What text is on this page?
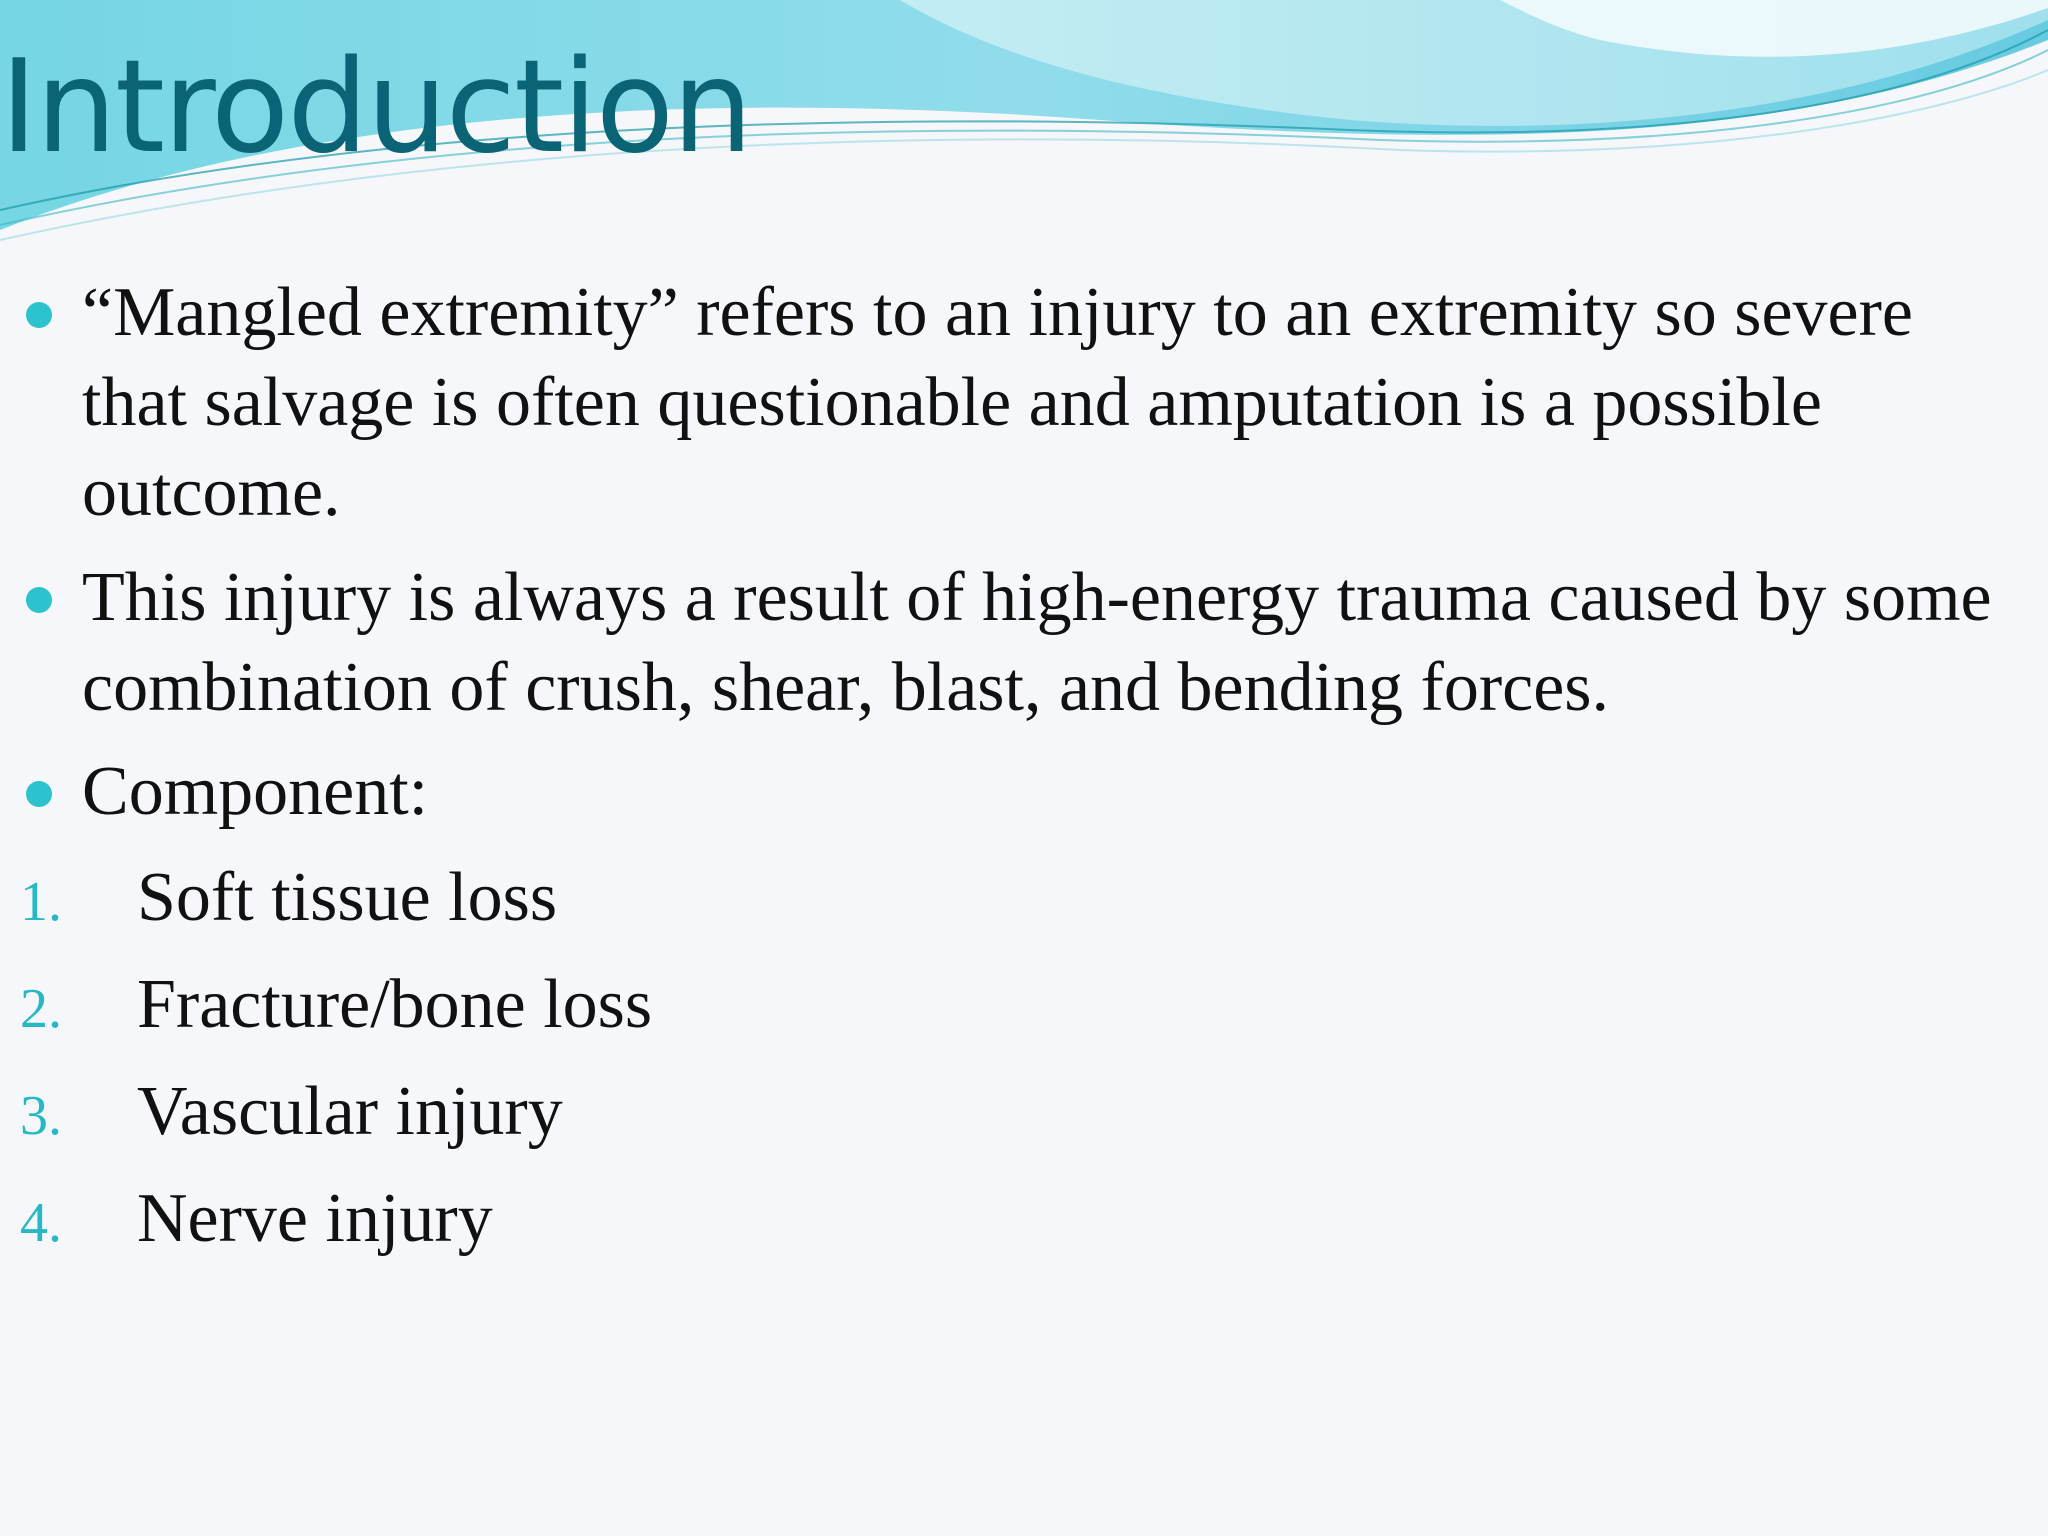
Introduction
“Mangled extremity” refers to an injury to an extremity so severe that salvage is often questionable and amputation is a possible outcome.
This injury is always a result of high-energy trauma caused by some combination of crush, shear, blast, and bending forces.
Component:
1. Soft tissue loss
2. Fracture/bone loss
3. Vascular injury
4. Nerve injury
